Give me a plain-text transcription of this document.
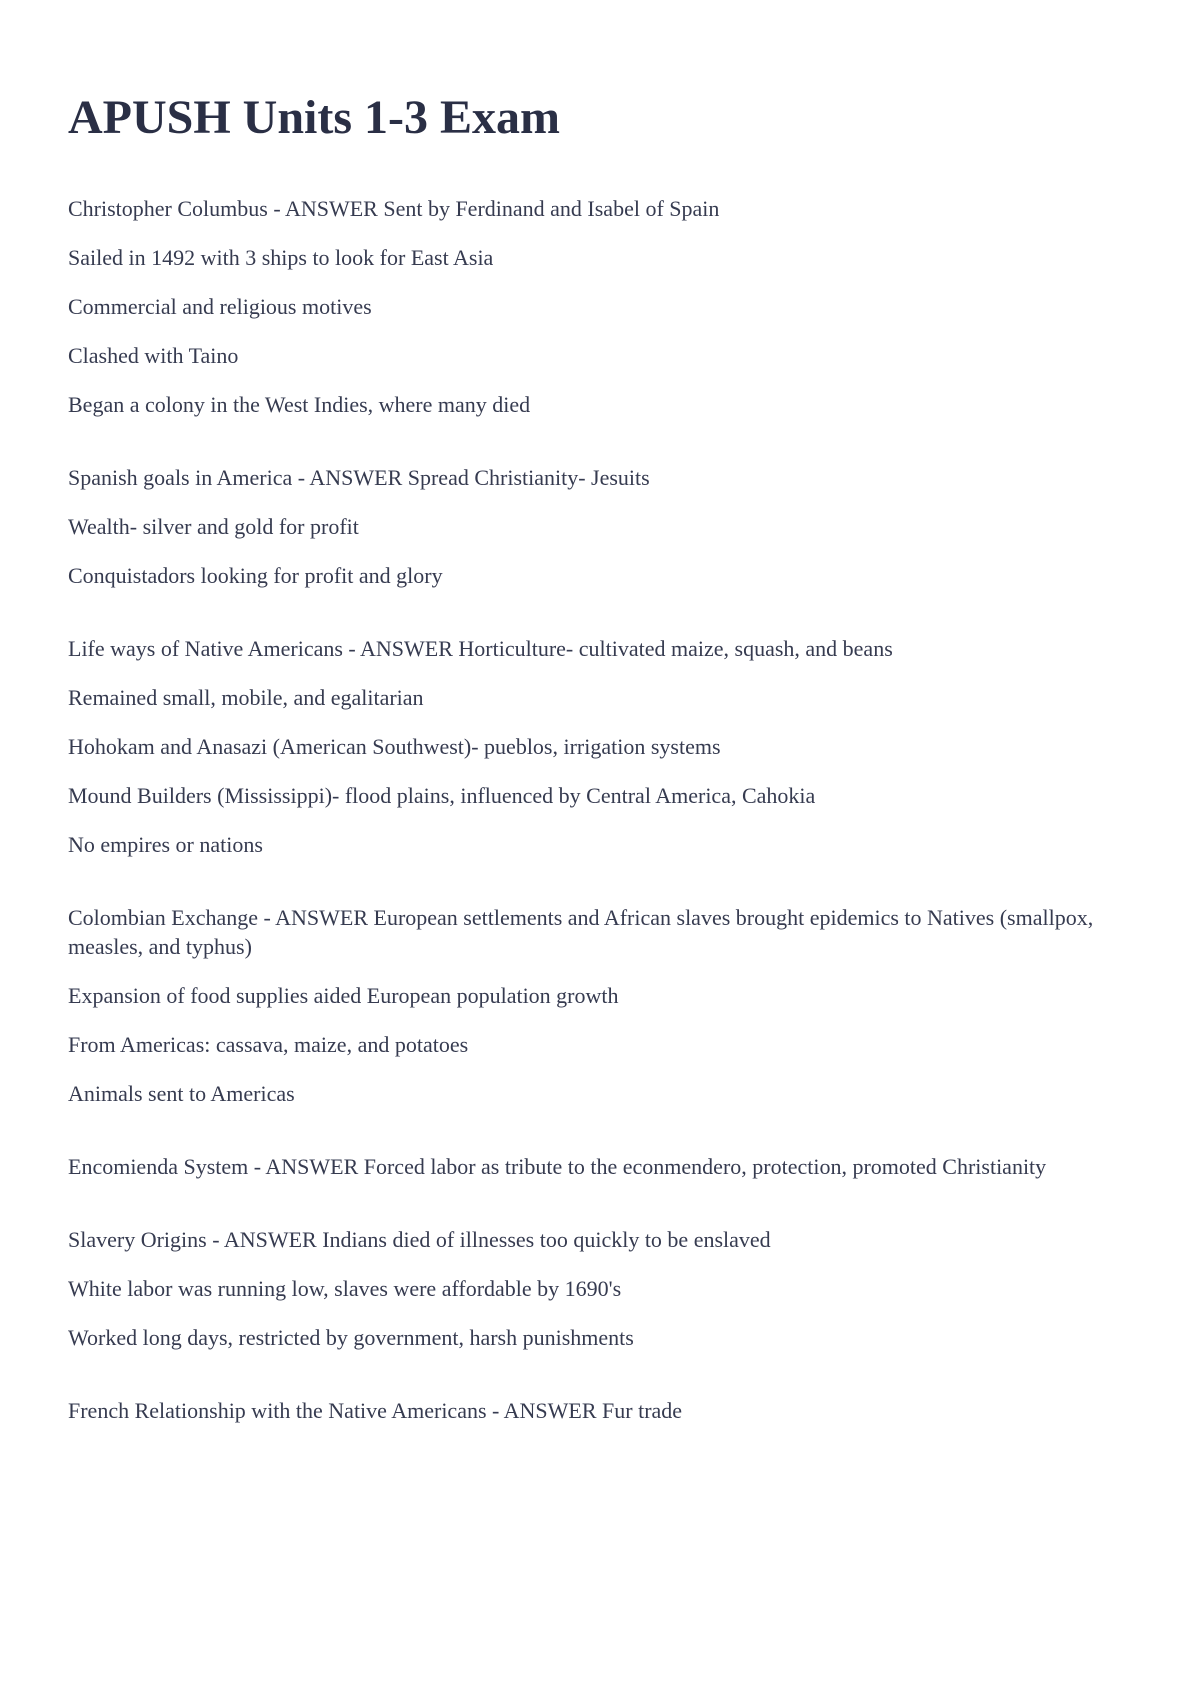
APUSH Units 1-3 Exam

Christopher Columbus - ANSWER Sent by Ferdinand and Isabel of Spain

Sailed in 1492 with 3 ships to look for East Asia

Commercial and religious motives

Clashed with Taino

Began a colony in the West Indies, where many died

Spanish goals in America - ANSWER Spread Christianity- Jesuits

Wealth- silver and gold for profit

Conquistadors looking for profit and glory

Life ways of Native Americans - ANSWER Horticulture- cultivated maize, squash, and beans

Remained small, mobile, and egalitarian

Hohokam and Anasazi (American Southwest)- pueblos, irrigation systems

Mound Builders (Mississippi)- flood plains, influenced by Central America, Cahokia

No empires or nations

Colombian Exchange - ANSWER European settlements and African slaves brought epidemics to Natives (smallpox, measles, and typhus)

Expansion of food supplies aided European population growth

From Americas: cassava, maize, and potatoes

Animals sent to Americas

Encomienda System - ANSWER Forced labor as tribute to the econmendero, protection, promoted Christianity

Slavery Origins - ANSWER Indians died of illnesses too quickly to be enslaved

White labor was running low, slaves were affordable by 1690's

Worked long days, restricted by government, harsh punishments

French Relationship with the Native Americans - ANSWER Fur trade
